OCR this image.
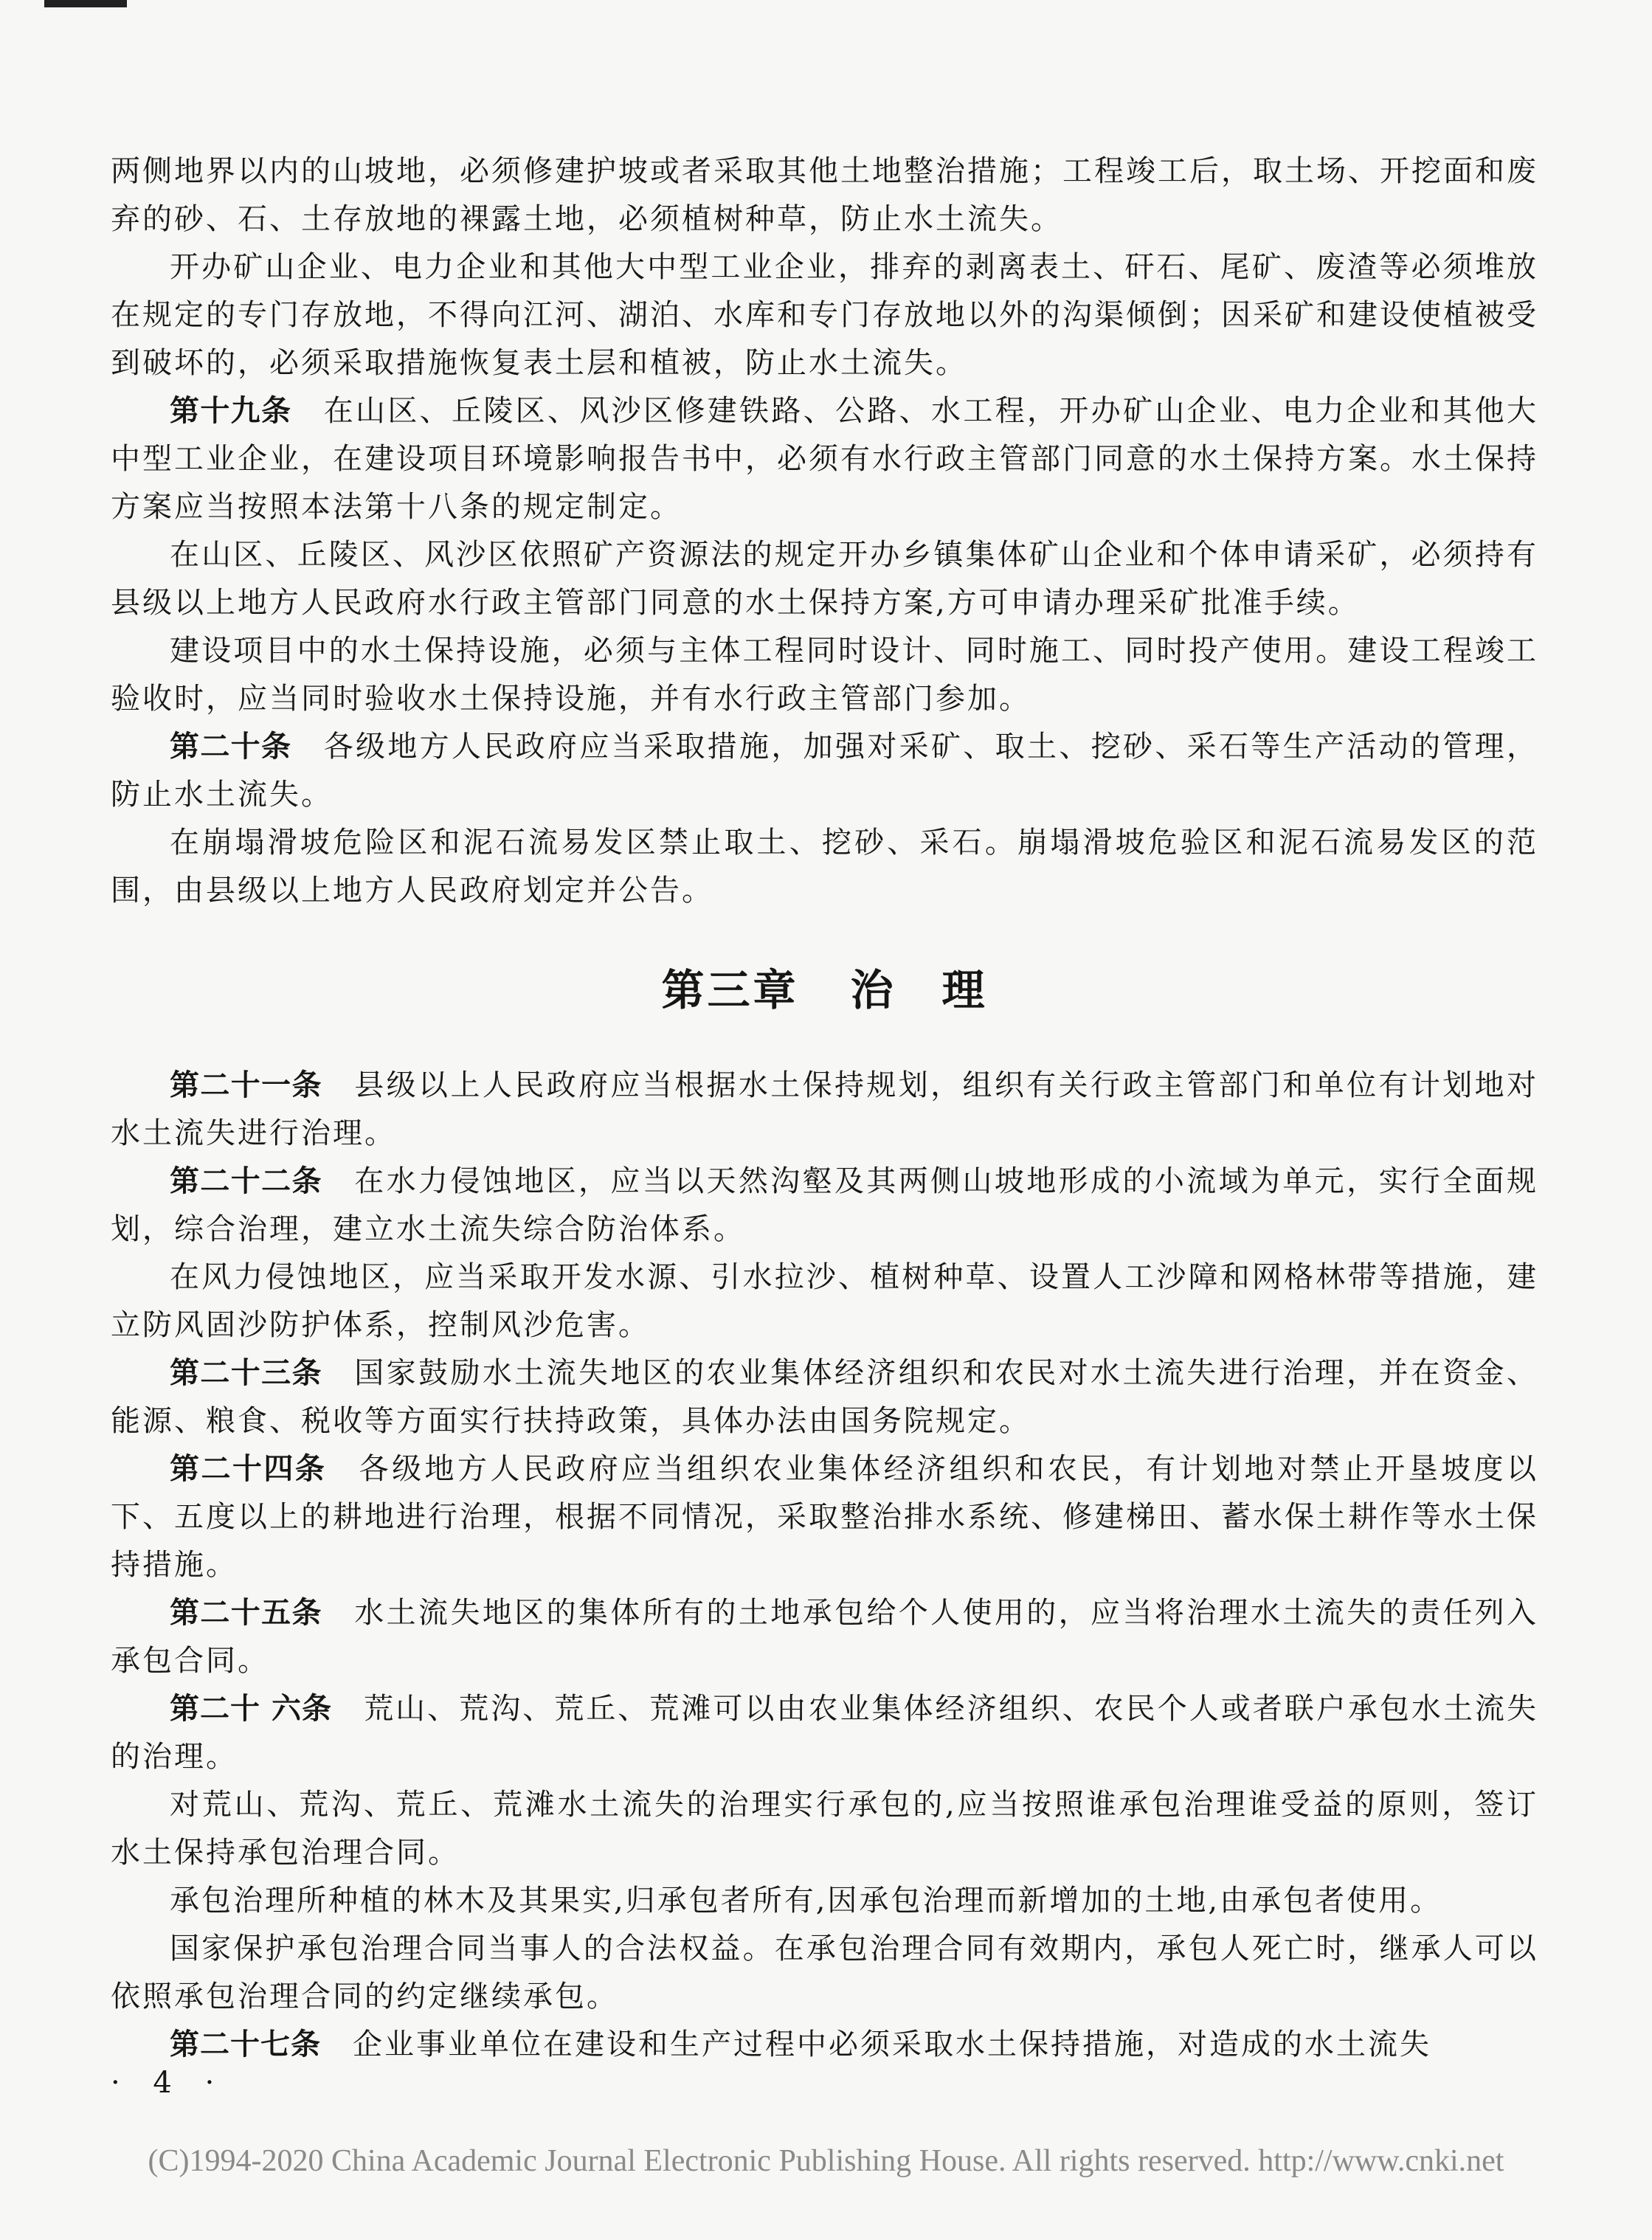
两侧地界以内的山坡地，必须修建护坡或者采取其他土地整治措施；工程竣工后，取土场、开挖面和废弃的砂、石、土存放地的裸露土地，必须植树种草，防止水土流失。

开办矿山企业、电力企业和其他大中型工业企业，排弃的剥离表土、矸石、尾矿、废渣等必须堆放在规定的专门存放地，不得向江河、湖泊、水库和专门存放地以外的沟渠倾倒；因采矿和建设使植被受到破坏的，必须采取措施恢复表土层和植被，防止水土流失。

第十九条　 在山区、丘陵区、风沙区修建铁路、公路、水工程，开办矿山企业、电力企业和其他大中型工业企业，在建设项目环境影响报告书中，必须有水行政主管部门同意的水土保持方案。水土保持方案应当按照本法第十八条的规定制定。

在山区、丘陵区、风沙区依照矿产资源法的规定开办乡镇集体矿山企业和个体申请采矿，必须持有县级以上地方人民政府水行政主管部门同意的水土保持方案,方可申请办理采矿批准手续。

建设项目中的水土保持设施，必须与主体工程同时设计、同时施工、同时投产使用。建设工程竣工验收时，应当同时验收水土保持设施，并有水行政主管部门参加。

第二十条　 各级地方人民政府应当采取措施，加强对采矿、取土、挖砂、采石等生产活动的管理，防止水土流失。

在崩塌滑坡危险区和泥石流易发区禁止取土、挖砂、采石。崩塌滑坡危验区和泥石流易发区的范围，由县级以上地方人民政府划定并公告。

第三章 治　理

第二十一条　 县级以上人民政府应当根据水土保持规划，组织有关行政主管部门和单位有计划地对水土流失进行治理。

第二十二条　 在水力侵蚀地区，应当以天然沟壑及其两侧山坡地形成的小流域为单元，实行全面规划，综合治理，建立水土流失综合防治体系。

在风力侵蚀地区，应当采取开发水源、引水拉沙、植树种草、设置人工沙障和网格林带等措施，建立防风固沙防护体系，控制风沙危害。

第二十三条　 国家鼓励水土流失地区的农业集体经济组织和农民对水土流失进行治理，并在资金、能源、粮食、税收等方面实行扶持政策，具体办法由国务院规定。

第二十四条　 各级地方人民政府应当组织农业集体经济组织和农民，有计划地对禁止开垦坡度以下、五度以上的耕地进行治理，根据不同情况，采取整治排水系统、修建梯田、蓄水保土耕作等水土保持措施。

第二十五条　 水土流失地区的集体所有的土地承包给个人使用的，应当将治理水土流失的责任列入承包合同。

第二十 六条　 荒山、荒沟、荒丘、荒滩可以由农业集体经济组织、农民个人或者联户承包水土流失的治理。

对荒山、荒沟、荒丘、荒滩水土流失的治理实行承包的,应当按照谁承包治理谁受益的原则，签订水土保持承包治理合同。

承包治理所种植的林木及其果实,归承包者所有,因承包治理而新增加的土地,由承包者使用。

国家保护承包治理合同当事人的合法权益。在承包治理合同有效期内，承包人死亡时，继承人可以依照承包治理合同的约定继续承包。

第二十七条　 企业事业单位在建设和生产过程中必须采取水土保持措施，对造成的水土流失

· 4 ·
(C)1994-2020 China Academic Journal Electronic Publishing House. All rights reserved. http://www.cnki.net
